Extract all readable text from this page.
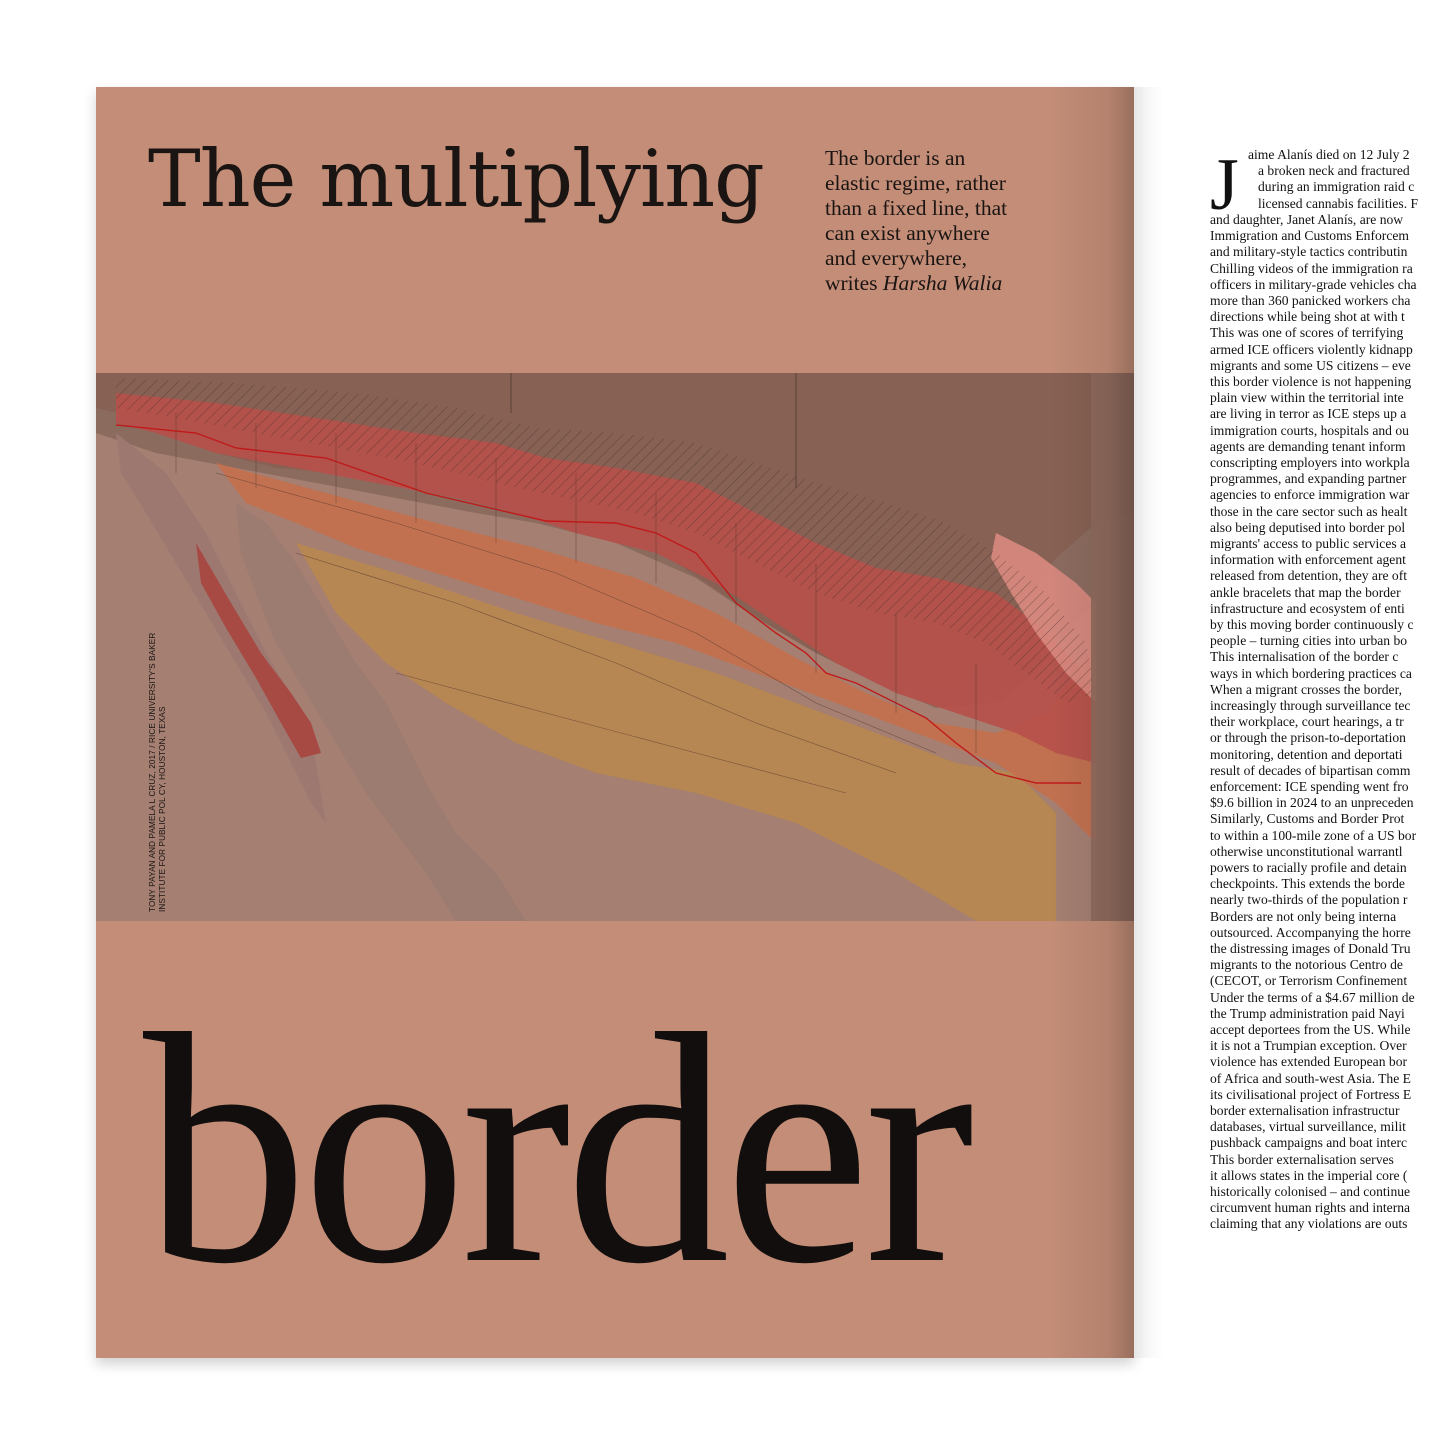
The multiplying	The border is an
elastic regime, rather
than a fixed line, that
can exist anywhere
and everywhere,
writes Harsha Walia
TONY PAYAN AND PAMELA L CRUZ, 2017 / RICE UNIVERSITY'S BAKER INSTITUTE FOR PUBLIC POL CY, HOUSTON, TEXAS
border
J aime Alanís died on 12 July 2
a broken neck and fractured
during an immigration raid c
licensed cannabis facilities. F
and daughter, Janet Alanís, are now
Immigration and Customs Enforcem
and military-style tactics contributin
Chilling videos of the immigration ra
officers in military-grade vehicles cha
more than 360 panicked workers cha
directions while being shot at with t
This was one of scores of terrifying
armed ICE officers violently kidnapp
migrants and some US citizens – eve
this border violence is not happening
plain view within the territorial inte
are living in terror as ICE steps up a
immigration courts, hospitals and ou
agents are demanding tenant inform
conscripting employers into workpla
programmes, and expanding partner
agencies to enforce immigration war
those in the care sector such as healt
also being deputised into border pol
migrants' access to public services a
information with enforcement agent
released from detention, they are oft
ankle bracelets that map the border
infrastructure and ecosystem of enti
by this moving border continuously c
people – turning cities into urban bo
This internalisation of the border c
ways in which bordering practices ca
When a migrant crosses the border,
increasingly through surveillance tec
their workplace, court hearings, a tr
or through the prison-to-deportation
monitoring, detention and deportati
result of decades of bipartisan comm
enforcement: ICE spending went fro
$9.6 billion in 2024 to an unpreceden
Similarly, Customs and Border Prot
to within a 100-mile zone of a US bor
otherwise unconstitutional warrantl
powers to racially profile and detain
checkpoints. This extends the borde
nearly two-thirds of the population r
Borders are not only being interna
outsourced. Accompanying the horre
the distressing images of Donald Tru
migrants to the notorious Centro de
(CECOT, or Terrorism Confinement
Under the terms of a $4.67 million de
the Trump administration paid Nayi
accept deportees from the US. While
it is not a Trumpian exception. Over
violence has extended European bor
of Africa and south-west Asia. The E
its civilisational project of Fortress E
border externalisation infrastructur
databases, virtual surveillance, milit
pushback campaigns and boat interc
This border externalisation serves
it allows states in the imperial core (
historically colonised – and continue
circumvent human rights and interna
claiming that any violations are outs
